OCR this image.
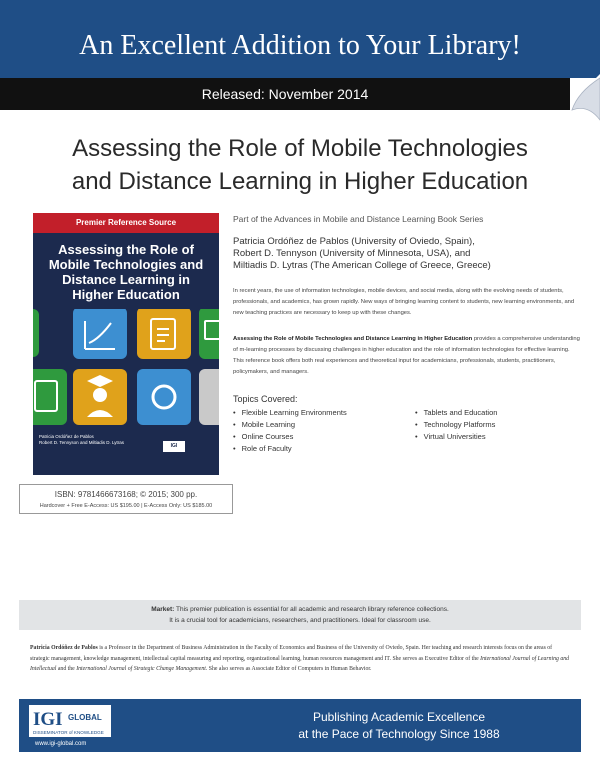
An Excellent Addition to Your Library!
Released: November 2014
Assessing the Role of Mobile Technologies
and Distance Learning in Higher Education
Premier Reference Source
Assessing the Role of
Mobile Technologies and
Distance Learning in
Higher Education
Patricia Ordóñez de Pablos
Robert D. Tennyson and Miltiadis D. Lytras
IGI Global
ISBN: 9781466673168; © 2015; 300 pp.
Hardcover + Free E-Access: US $195.00 | E-Access Only: US $185.00
Part of the Advances in Mobile and Distance Learning Book Series
Patricia Ordóñez de Pablos (University of Oviedo, Spain),
Robert D. Tennyson (University of Minnesota, USA), and
Miltiadis D. Lytras (The American College of Greece, Greece)

In recent years, the use of information technologies, mobile devices, and social media, along with the evolving needs of students, professionals, and academics, has grown rapidly. New ways of bringing learning content to students, new learning environments, and new teaching practices are necessary to keep up with these changes.

Assessing the Role of Mobile Technologies and Distance Learning in Higher Education provides a comprehensive understanding of m-learning processes by discussing challenges in higher education and the role of information technologies for effective learning. This reference book offers both real experiences and theoretical input for academicians, professionals, students, practitioners, policymakers, and managers.

Topics Covered:
• Flexible Learning Environments
• Mobile Learning
• Online Courses
• Role of Faculty
• Tablets and Education
• Technology Platforms
• Virtual Universities
Market: This premier publication is essential for all academic and research library reference collections.
It is a crucial tool for academicians, researchers, and practitioners. Ideal for classroom use.

Patricia Ordóñez de Pablos is a Professor in the Department of Business Administration in the Faculty of Economics and Business of the University of Oviedo, Spain. Her teaching and research interests focus on the areas of strategic management, knowledge management, intellectual capital measuring and reporting, organizational learning, human resources management and IT. She serves as Executive Editor of the International Journal of Learning and Intellectual and the International Journal of Strategic Change Management. She also serves as Associate Editor of Computers in Human Behavior.

IGI GLOBAL
DISSEMINATOR of KNOWLEDGE
www.igi-global.com
Publishing Academic Excellence
at the Pace of Technology Since 1988
